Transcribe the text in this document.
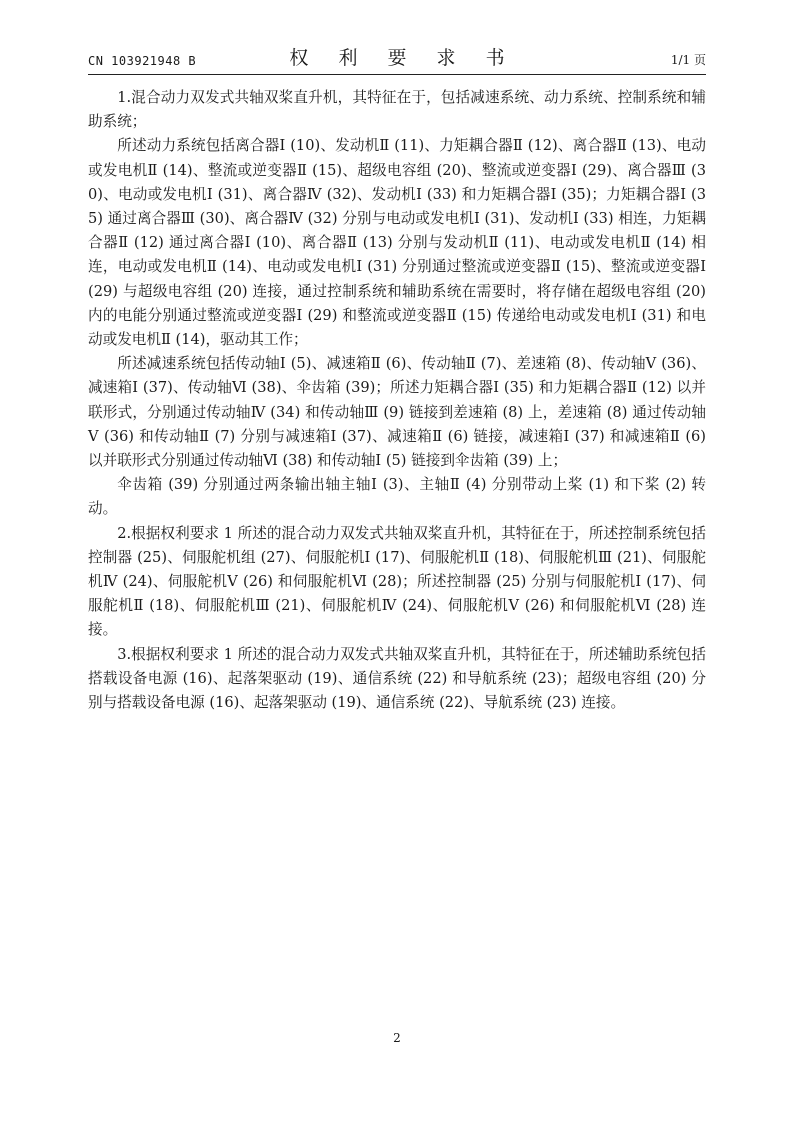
CN 103921948 B	权 利 要 求 书	1/1 页

1.混合动力双发式共轴双桨直升机，其特征在于，包括减速系统、动力系统、控制系统和辅助系统；

所述动力系统包括离合器Ⅰ (10)、发动机Ⅱ (11)、力矩耦合器Ⅱ (12)、离合器Ⅱ (13)、电动或发电机Ⅱ (14)、整流或逆变器Ⅱ (15)、超级电容组 (20)、整流或逆变器Ⅰ (29)、离合器Ⅲ (30)、电动或发电机Ⅰ (31)、离合器Ⅳ (32)、发动机Ⅰ (33) 和力矩耦合器Ⅰ (35)；力矩耦合器Ⅰ (35) 通过离合器Ⅲ (30)、离合器Ⅳ (32) 分别与电动或发电机Ⅰ (31)、发动机Ⅰ (33) 相连，力矩耦合器Ⅱ (12) 通过离合器Ⅰ (10)、离合器Ⅱ (13) 分别与发动机Ⅱ (11)、电动或发电机Ⅱ (14) 相连，电动或发电机Ⅱ (14)、电动或发电机Ⅰ (31) 分别通过整流或逆变器Ⅱ (15)、整流或逆变器Ⅰ (29) 与超级电容组 (20) 连接，通过控制系统和辅助系统在需要时，将存储在超级电容组 (20) 内的电能分别通过整流或逆变器Ⅰ (29) 和整流或逆变器Ⅱ (15) 传递给电动或发电机Ⅰ (31) 和电动或发电机Ⅱ (14)，驱动其工作；

所述减速系统包括传动轴Ⅰ (5)、减速箱Ⅱ (6)、传动轴Ⅱ (7)、差速箱 (8)、传动轴Ⅴ (36)、减速箱Ⅰ (37)、传动轴Ⅵ (38)、伞齿箱 (39)；所述力矩耦合器Ⅰ (35) 和力矩耦合器Ⅱ (12) 以并联形式，分别通过传动轴Ⅳ (34) 和传动轴Ⅲ (9) 链接到差速箱 (8) 上，差速箱 (8) 通过传动轴Ⅴ (36) 和传动轴Ⅱ (7) 分别与减速箱Ⅰ (37)、减速箱Ⅱ (6) 链接，减速箱Ⅰ (37) 和减速箱Ⅱ (6) 以并联形式分别通过传动轴Ⅵ (38) 和传动轴Ⅰ (5) 链接到伞齿箱 (39) 上；

伞齿箱 (39) 分别通过两条输出轴主轴Ⅰ (3)、主轴Ⅱ (4) 分别带动上桨 (1) 和下桨 (2) 转动。

2.根据权利要求 1 所述的混合动力双发式共轴双桨直升机，其特征在于，所述控制系统包括控制器 (25)、伺服舵机组 (27)、伺服舵机Ⅰ (17)、伺服舵机Ⅱ (18)、伺服舵机Ⅲ (21)、伺服舵机Ⅳ (24)、伺服舵机Ⅴ (26) 和伺服舵机Ⅵ (28)；所述控制器 (25) 分别与伺服舵机Ⅰ (17)、伺服舵机Ⅱ (18)、伺服舵机Ⅲ (21)、伺服舵机Ⅳ (24)、伺服舵机Ⅴ (26) 和伺服舵机Ⅵ (28) 连接。

3.根据权利要求 1 所述的混合动力双发式共轴双桨直升机，其特征在于，所述辅助系统包括搭载设备电源 (16)、起落架驱动 (19)、通信系统 (22) 和导航系统 (23)；超级电容组 (20) 分别与搭载设备电源 (16)、起落架驱动 (19)、通信系统 (22)、导航系统 (23) 连接。

2
